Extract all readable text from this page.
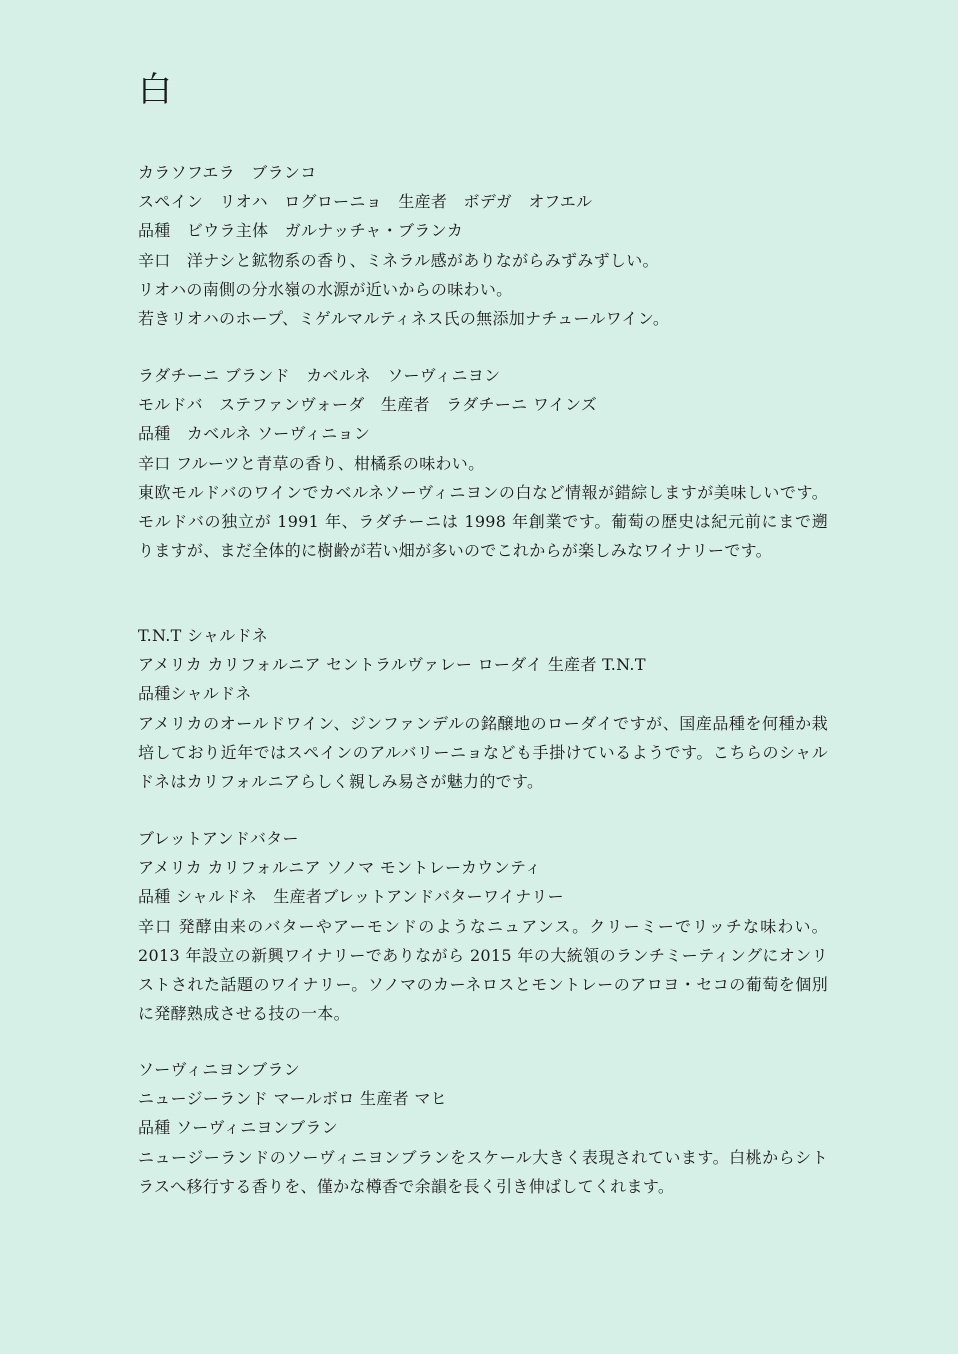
白
カラソフエラ　ブランコ
スペイン　リオハ　ログローニョ　生産者　ボデガ　オフエル
品種　ビウラ主体　ガルナッチャ・ブランカ
辛口　洋ナシと鉱物系の香り、ミネラル感がありながらみずみずしい。
リオハの南側の分水嶺の水源が近いからの味わい。
若きリオハのホープ、ミゲルマルティネス氏の無添加ナチュールワイン。
ラダチーニ ブランド　カベルネ　ソーヴィニヨン
モルドバ　ステファンヴォーダ　生産者　ラダチーニ ワインズ
品種　カベルネ ソーヴィニョン
辛口 フルーツと青草の香り、柑橘系の味わい。
東欧モルドバのワインでカベルネソーヴィニヨンの白など情報が錯綜しますが美味しいです。モルドバの独立が 1991 年、ラダチーニは 1998 年創業です。葡萄の歴史は紀元前にまで遡りますが、まだ全体的に樹齢が若い畑が多いのでこれからが楽しみなワイナリーです。
T.N.T シャルドネ
アメリカ カリフォルニア セントラルヴァレー ローダイ 生産者 T.N.T
品種シャルドネ
アメリカのオールドワイン、ジンファンデルの銘醸地のローダイですが、国産品種を何種か栽培しており近年ではスペインのアルバリーニョなども手掛けているようです。こちらのシャルドネはカリフォルニアらしく親しみ易さが魅力的です。
ブレットアンドバター
アメリカ カリフォルニア ソノマ モントレーカウンティ
品種 シャルドネ　生産者ブレットアンドバターワイナリー
辛口 発酵由来のバターやアーモンドのようなニュアンス。クリーミーでリッチな味わい。2013 年設立の新興ワイナリーでありながら 2015 年の大統領のランチミーティングにオンリストされた話題のワイナリー。ソノマのカーネロスとモントレーのアロヨ・セコの葡萄を個別に発酵熟成させる技の一本。
ソーヴィニヨンブラン
ニュージーランド マールボロ 生産者 マヒ
品種 ソーヴィニヨンブラン
ニュージーランドのソーヴィニヨンブランをスケール大きく表現されています。白桃からシトラスへ移行する香りを、僅かな樽香で余韻を長く引き伸ばしてくれます。
